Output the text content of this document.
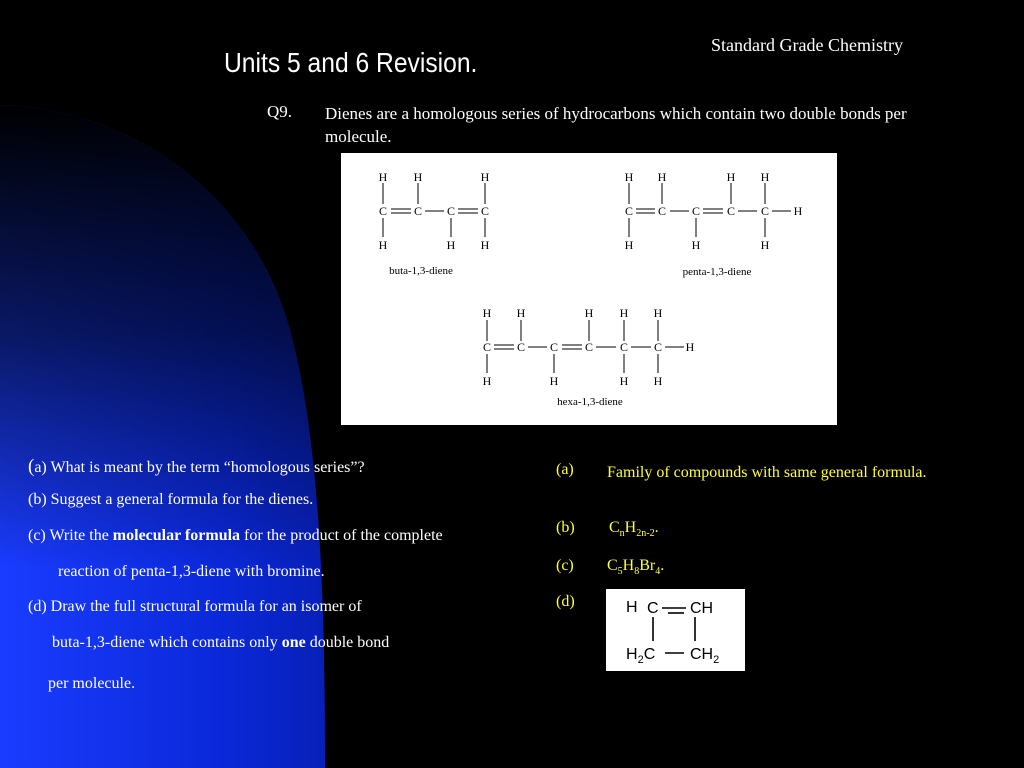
Standard Grade Chemistry
Units 5 and 6 Revision.
Q9. Dienes are a homologous series of hydrocarbons which contain two double bonds per molecule.
H H	H
C C C C
H	H H
H H	H H
C C C C C H
H	H	H
H H	H H H
C C C C C C H
H	H	H H
buta-1,3-diene	penta-1,3-diene
hexa-1,3-diene
(a) What is meant by the term “homologous series”?
(b) Suggest a general formula for the dienes.
(c) Write the molecular formula for the product of the complete
reaction of penta-1,3-diene with bromine.
(d) Draw the full structural formula for an isomer of
buta-1,3-diene which contains only one double bond
per molecule.
(a) Family of compounds with same general formula.
(b) $C_nH_{2n-2}$.
(c) $C_5H_8Br_4$.
(d)	H C CH
$H_2C$ $CH_2$
